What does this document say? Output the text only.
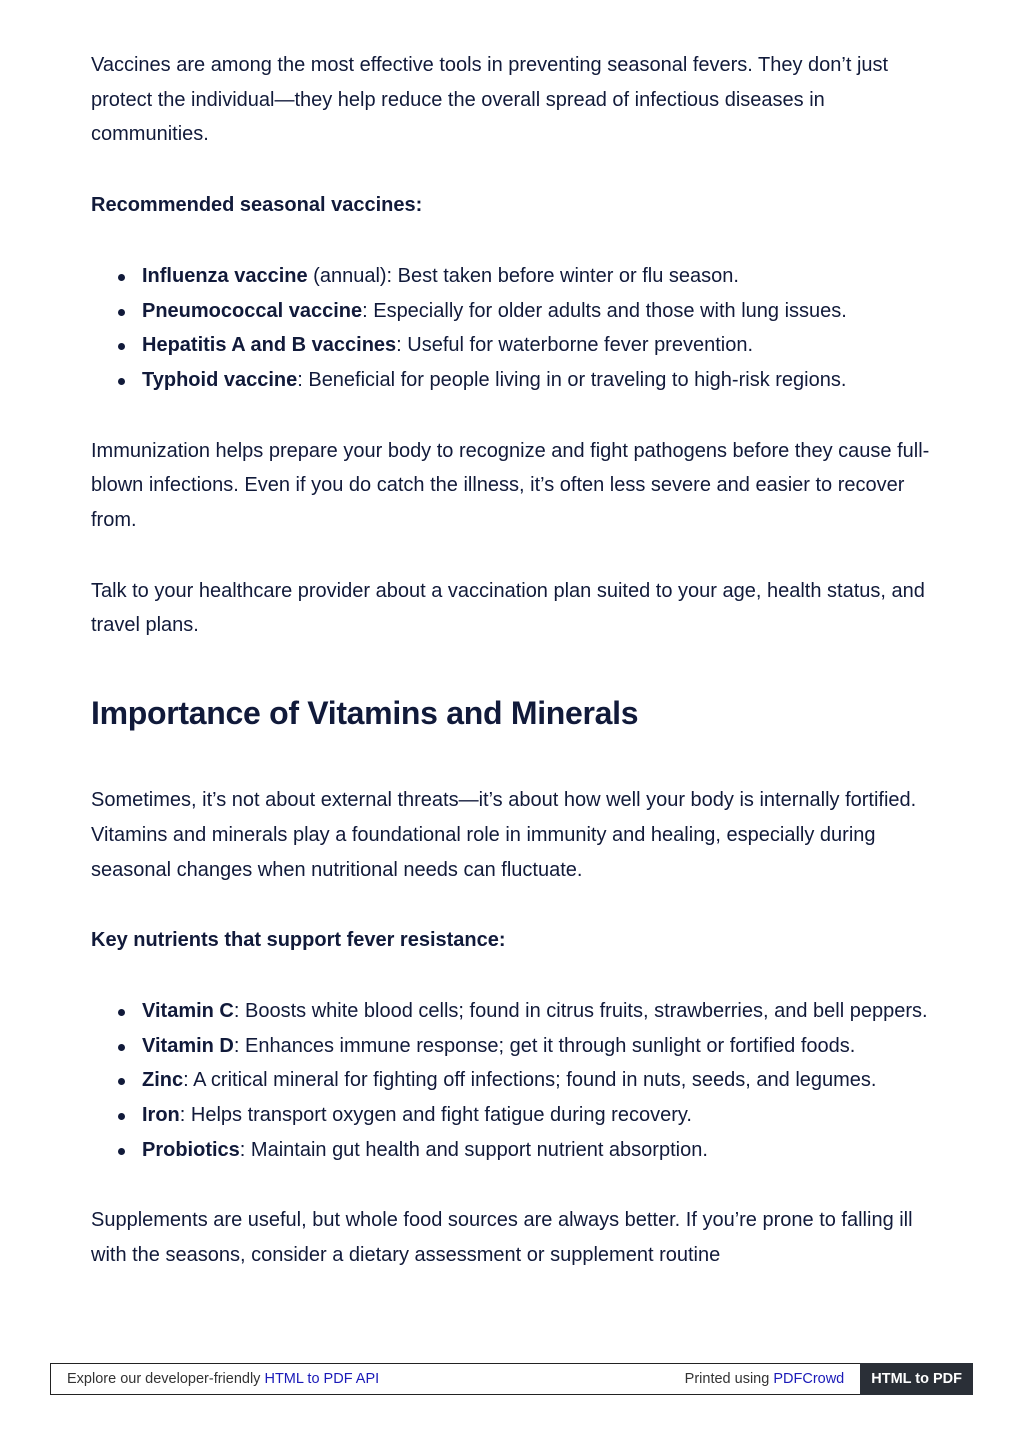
Vaccines are among the most effective tools in preventing seasonal fevers. They don’t just protect the individual—they help reduce the overall spread of infectious diseases in communities.

Recommended seasonal vaccines:

Influenza vaccine (annual): Best taken before winter or flu season.
Pneumococcal vaccine: Especially for older adults and those with lung issues.
Hepatitis A and B vaccines: Useful for waterborne fever prevention.
Typhoid vaccine: Beneficial for people living in or traveling to high-risk regions.

Immunization helps prepare your body to recognize and fight pathogens before they cause full-blown infections. Even if you do catch the illness, it’s often less severe and easier to recover from.

Talk to your healthcare provider about a vaccination plan suited to your age, health status, and travel plans.

Importance of Vitamins and Minerals

Sometimes, it’s not about external threats—it’s about how well your body is internally fortified. Vitamins and minerals play a foundational role in immunity and healing, especially during seasonal changes when nutritional needs can fluctuate.

Key nutrients that support fever resistance:

Vitamin C: Boosts white blood cells; found in citrus fruits, strawberries, and bell peppers.
Vitamin D: Enhances immune response; get it through sunlight or fortified foods.
Zinc: A critical mineral for fighting off infections; found in nuts, seeds, and legumes.
Iron: Helps transport oxygen and fight fatigue during recovery.
Probiotics: Maintain gut health and support nutrient absorption.

Supplements are useful, but whole food sources are always better. If you’re prone to falling ill with the seasons, consider a dietary assessment or supplement routine

Explore our developer-friendly HTML to PDF API	Printed using PDFCrowd	HTML to PDF
